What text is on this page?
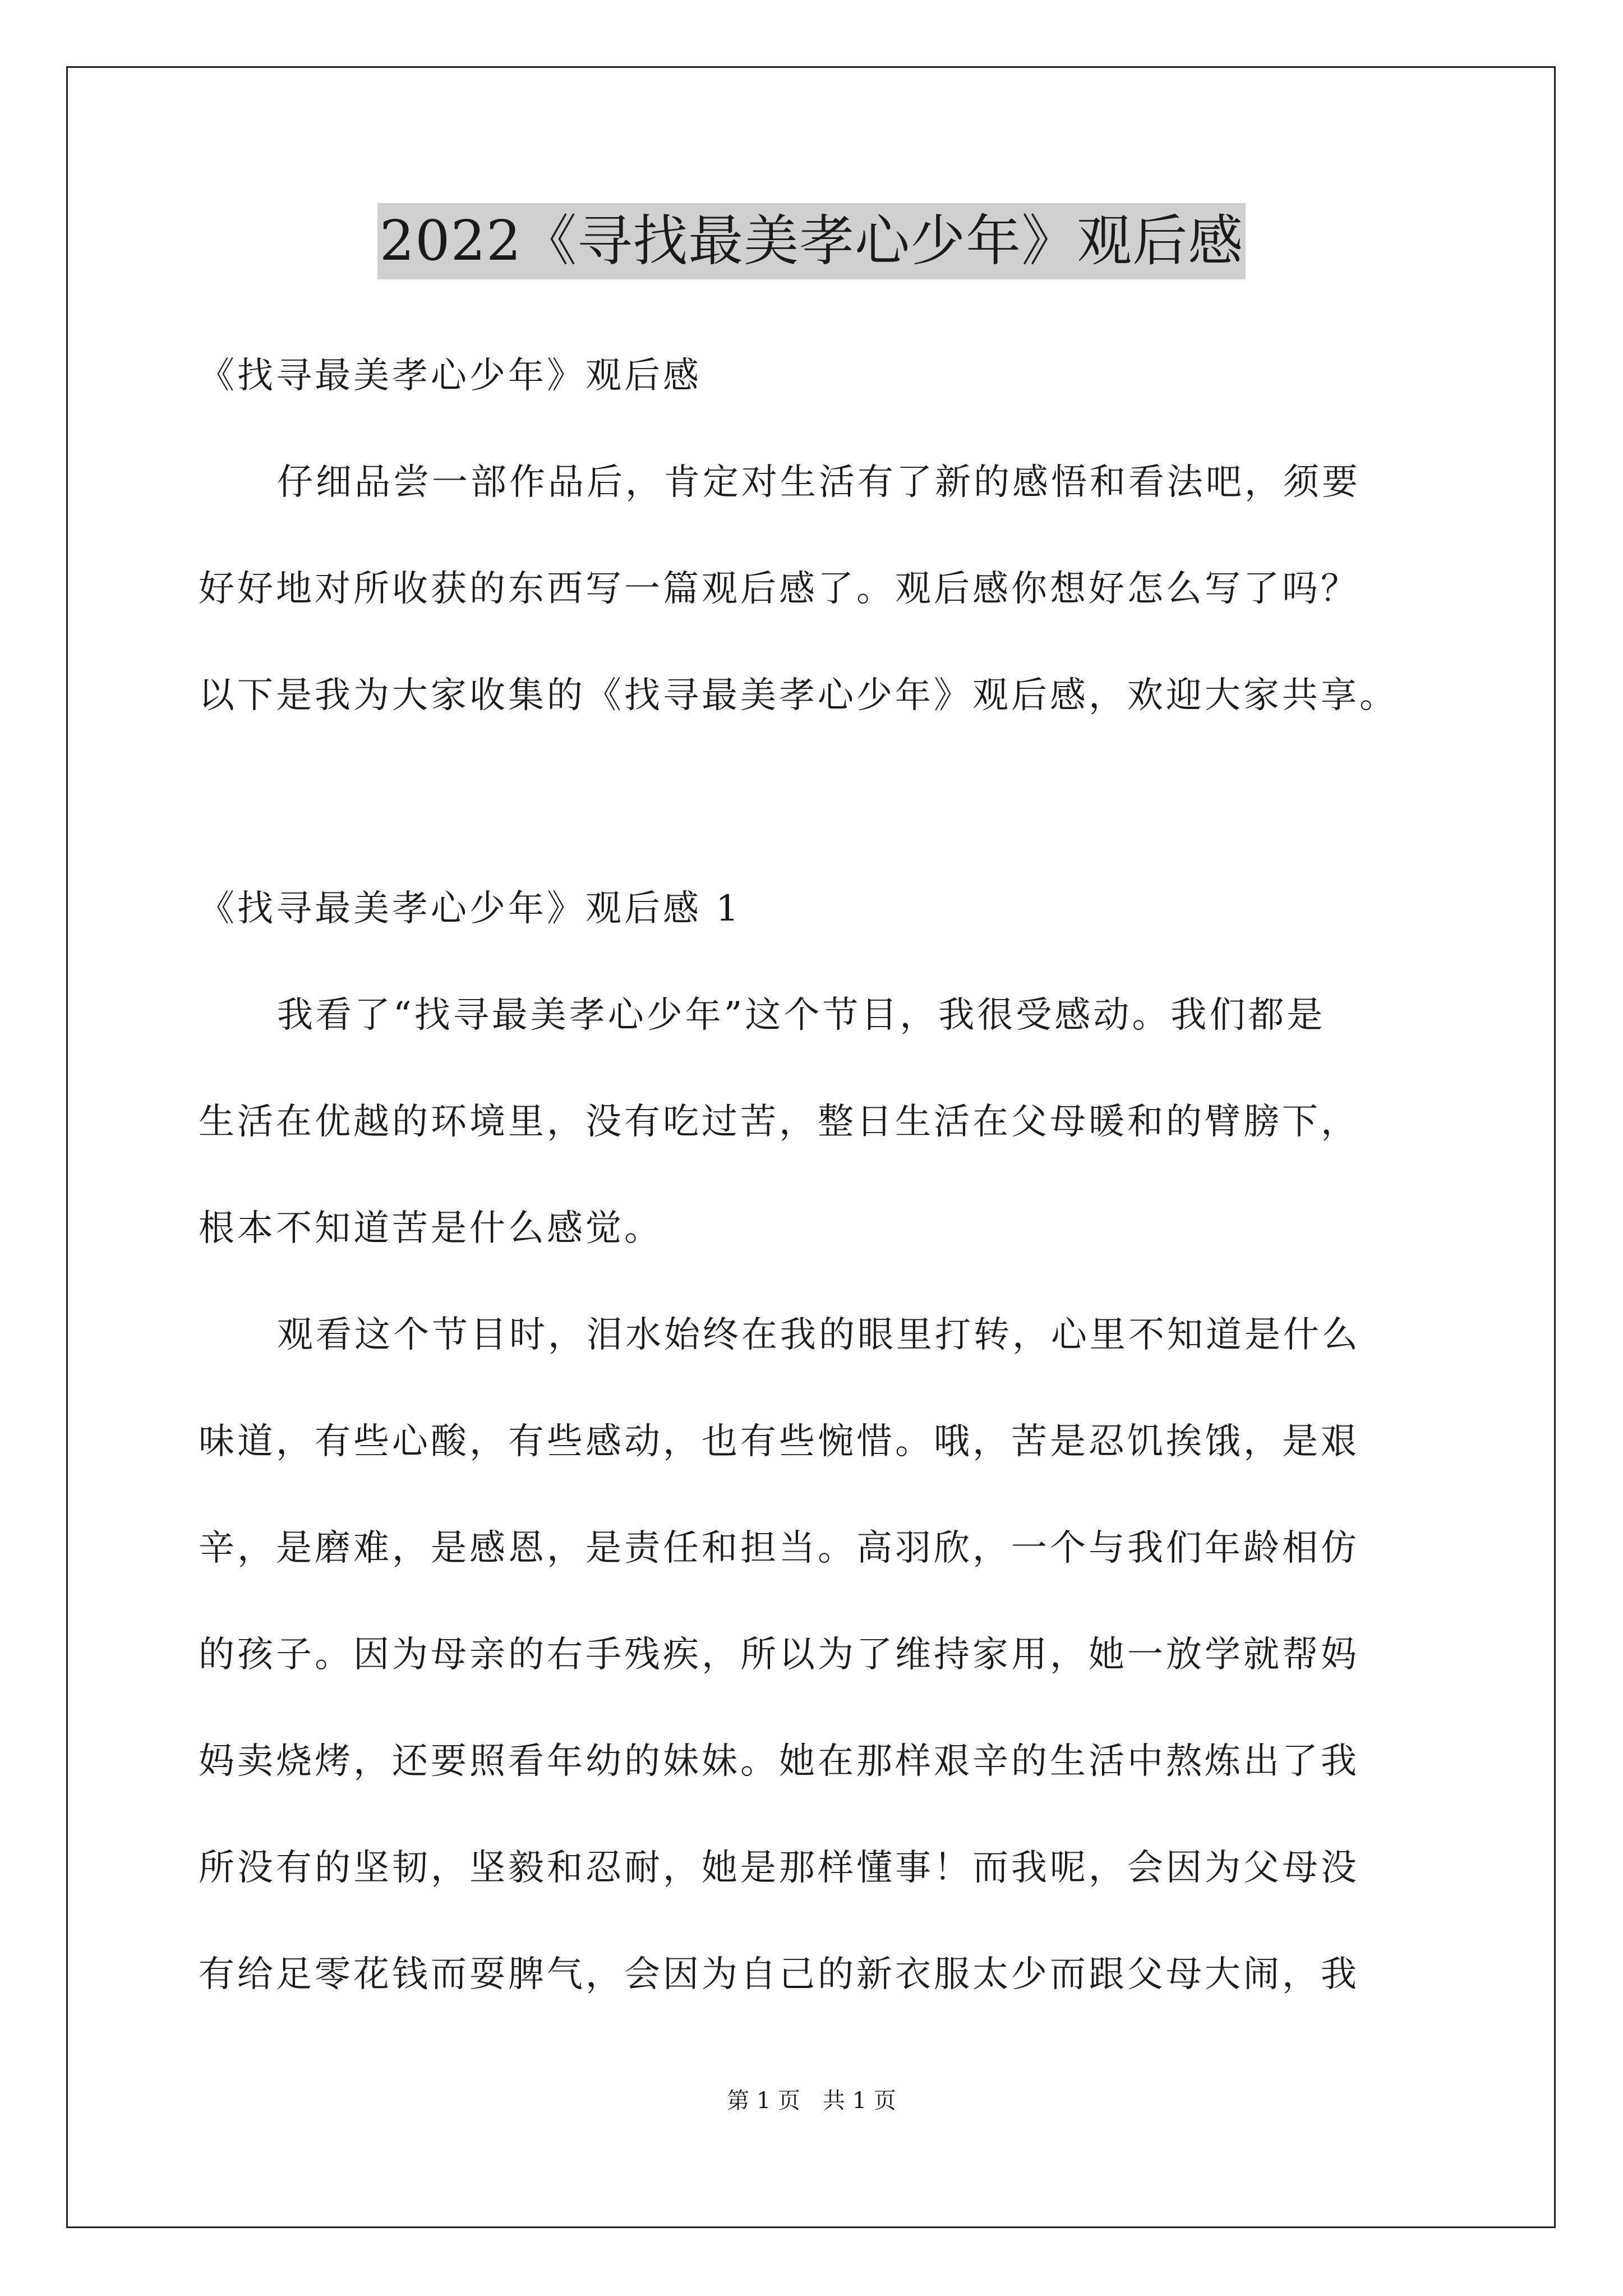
2022《寻找最美孝心少年》观后感
《找寻最美孝心少年》观后感
仔细品尝一部作品后，肯定对生活有了新的感悟和看法吧，须要
好好地对所收获的东西写一篇观后感了。观后感你想好怎么写了吗？
以下是我为大家收集的《找寻最美孝心少年》观后感，欢迎大家共享。
《找寻最美孝心少年》观后感 1
我看了“找寻最美孝心少年”这个节目，我很受感动。我们都是
生活在优越的环境里，没有吃过苦，整日生活在父母暖和的臂膀下，
根本不知道苦是什么感觉。
观看这个节目时，泪水始终在我的眼里打转，心里不知道是什么
味道，有些心酸，有些感动，也有些惋惜。哦，苦是忍饥挨饿，是艰
辛，是磨难，是感恩，是责任和担当。高羽欣，一个与我们年龄相仿
的孩子。因为母亲的右手残疾，所以为了维持家用，她一放学就帮妈
妈卖烧烤，还要照看年幼的妹妹。她在那样艰辛的生活中熬炼出了我
所没有的坚韧，坚毅和忍耐，她是那样懂事！而我呢，会因为父母没
有给足零花钱而耍脾气，会因为自己的新衣服太少而跟父母大闹，我
第 1 页　共 1 页
